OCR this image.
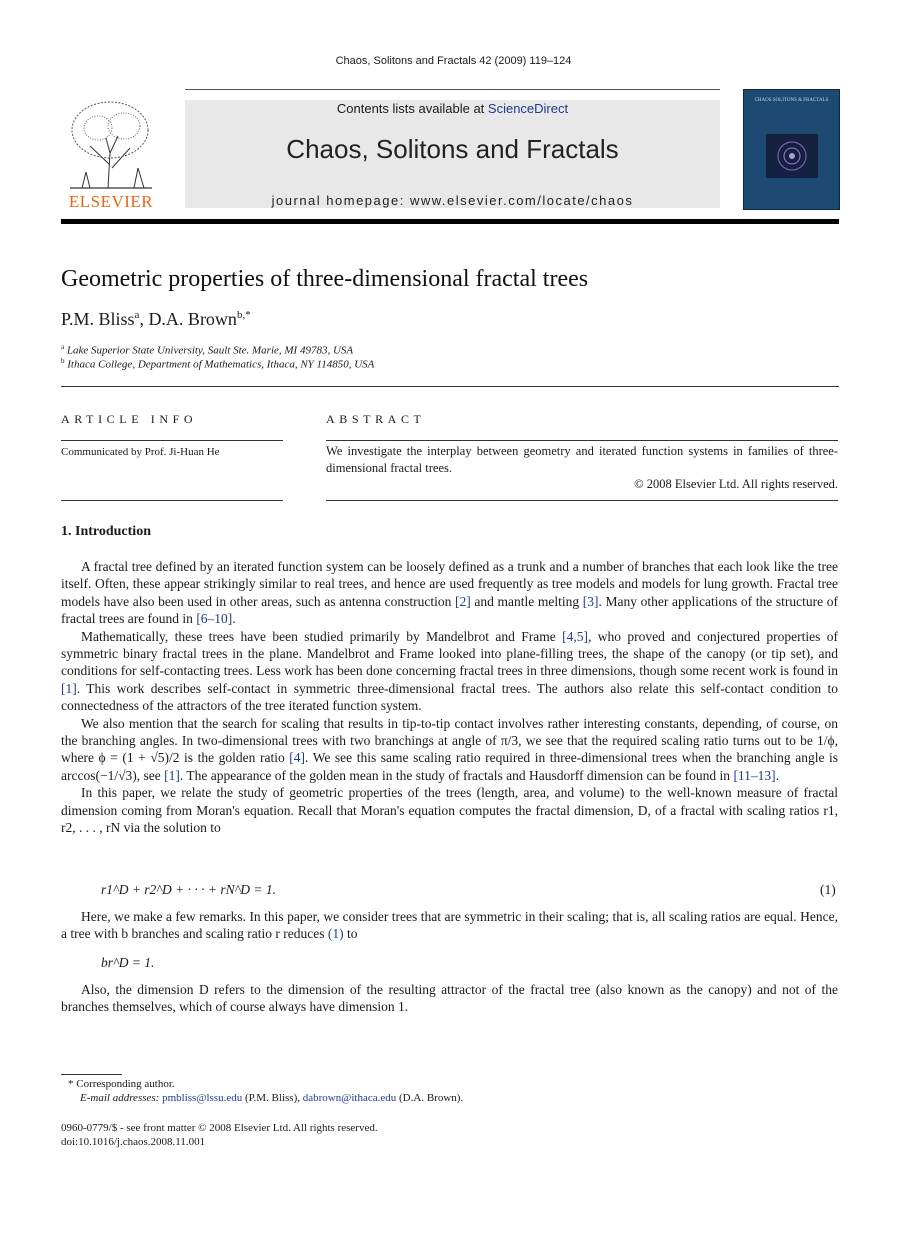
Chaos, Solitons and Fractals 42 (2009) 119–124
ELSEVIER
Contents lists available at ScienceDirect
Chaos, Solitons and Fractals
journal homepage: www.elsevier.com/locate/chaos
CHAOS SOLITONS & FRACTALS
Geometric properties of three-dimensional fractal trees
P.M. Bliss$^a$, D.A. Brown$^{b,*}$
$^a$ Lake Superior State University, Sault Ste. Marie, MI 49783, USA
$^b$ Ithaca College, Department of Mathematics, Ithaca, NY 114850, USA
ARTICLE INFO
Communicated by Prof. Ji-Huan He
ABSTRACT
We investigate the interplay between geometry and iterated function systems in families of three-dimensional fractal trees.
© 2008 Elsevier Ltd. All rights reserved.
1. Introduction

A fractal tree defined by an iterated function system can be loosely defined as a trunk and a number of branches that each look like the tree itself. Often, these appear strikingly similar to real trees, and hence are used frequently as tree models and models for lung growth. Fractal tree models have also been used in other areas, such as antenna construction [2] and mantle melting [3]. Many other applications of the structure of fractal trees are found in [6–10].

Mathematically, these trees have been studied primarily by Mandelbrot and Frame [4,5], who proved and conjectured properties of symmetric binary fractal trees in the plane. Mandelbrot and Frame looked into plane-filling trees, the shape of the canopy (or tip set), and conditions for self-contacting trees. Less work has been done concerning fractal trees in three dimensions, though some recent work is found in [1]. This work describes self-contact in symmetric three-dimensional fractal trees. The authors also relate this self-contact condition to connectedness of the attractors of the tree iterated function system.

We also mention that the search for scaling that results in tip-to-tip contact involves rather interesting constants, depending, of course, on the branching angles. In two-dimensional trees with two branchings at angle of π/3, we see that the required scaling ratio turns out to be 1/ϕ, where ϕ = (1 + √5)/2 is the golden ratio [4]. We see this same scaling ratio required in three-dimensional trees when the branching angle is arccos(−1/√3), see [1]. The appearance of the golden mean in the study of fractals and Hausdorff dimension can be found in [11–13].

In this paper, we relate the study of geometric properties of the trees (length, area, and volume) to the well-known measure of fractal dimension coming from Moran's equation. Recall that Moran's equation computes the fractal dimension, D, of a fractal with scaling ratios r1, r2, . . . , rN via the solution to

r1^D + r2^D + · · · + rN^D = 1.	(1)

Here, we make a few remarks. In this paper, we consider trees that are symmetric in their scaling; that is, all scaling ratios are equal. Hence, a tree with b branches and scaling ratio r reduces (1) to

br^D = 1.

Also, the dimension D refers to the dimension of the resulting attractor of the fractal tree (also known as the canopy) and not of the branches themselves, which of course always have dimension 1.

* Corresponding author.
E-mail addresses: pmbliss@lssu.edu (P.M. Bliss), dabrown@ithaca.edu (D.A. Brown).
0960-0779/$ - see front matter © 2008 Elsevier Ltd. All rights reserved.
doi:10.1016/j.chaos.2008.11.001
